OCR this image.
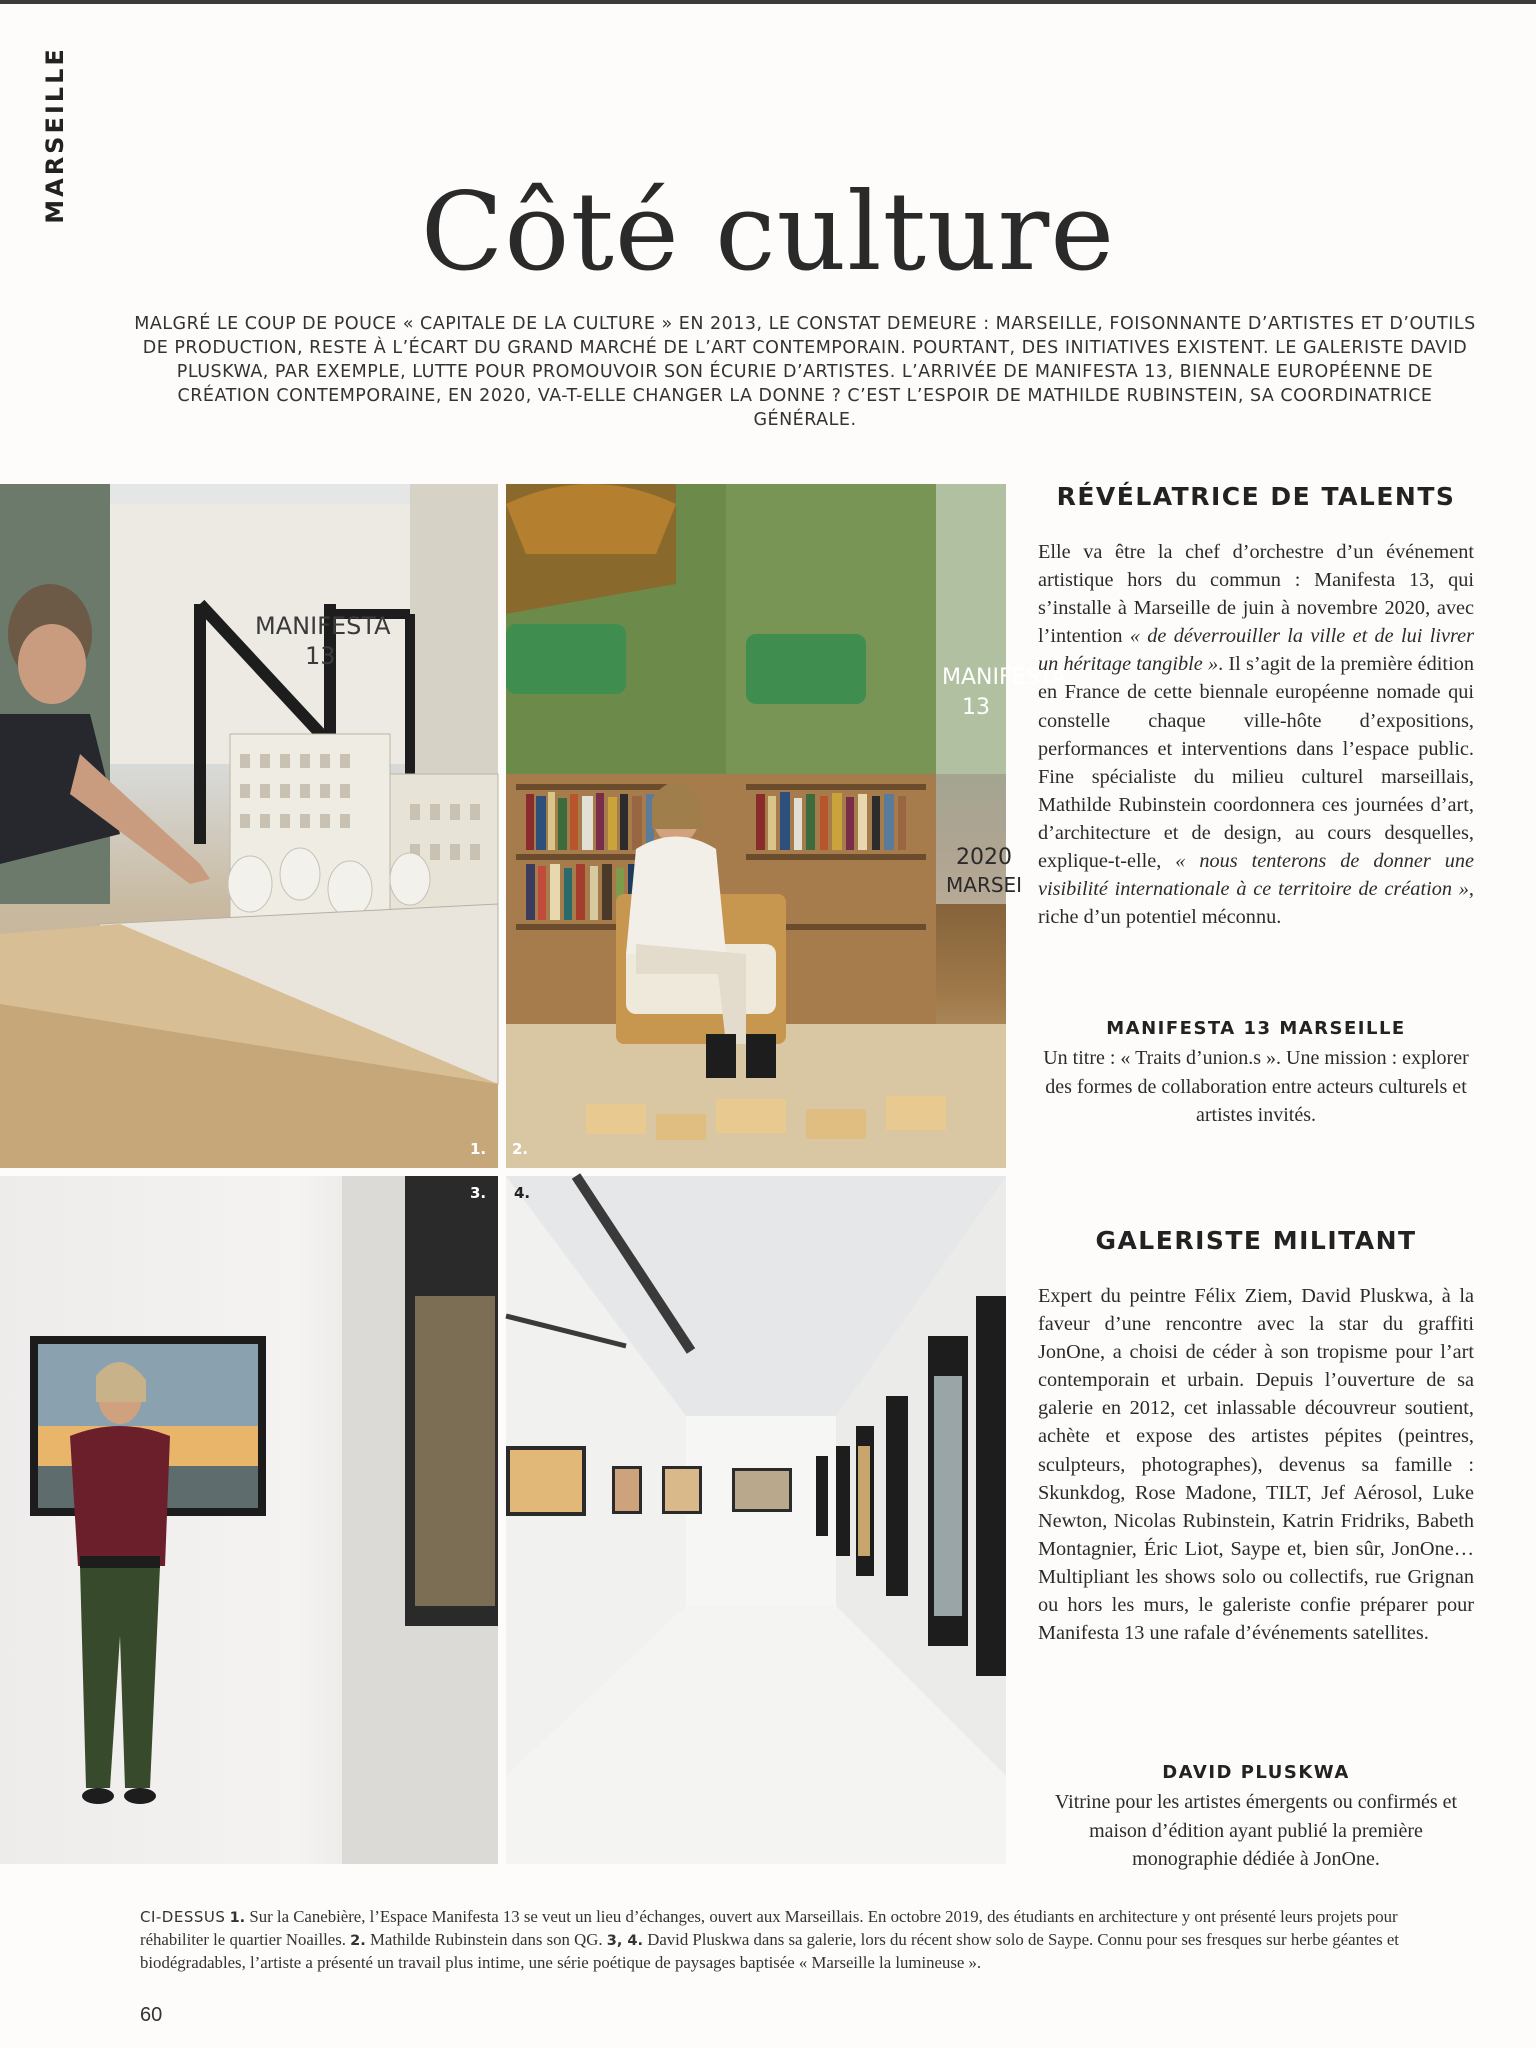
MARSEILLE
Côté culture

MALGRÉ LE COUP DE POUCE « CAPITALE DE LA CULTURE » EN 2013, LE CONSTAT DEMEURE : MARSEILLE, FOISONNANTE D’ARTISTES ET D’OUTILS DE PRODUCTION, RESTE À L’ÉCART DU GRAND MARCHÉ DE L’ART CONTEMPORAIN. POURTANT, DES INITIATIVES EXISTENT. LE GALERISTE DAVID PLUSKWA, PAR EXEMPLE, LUTTE POUR PROMOUVOIR SON ÉCURIE D’ARTISTES. L’ARRIVÉE DE MANIFESTA 13, BIENNALE EUROPÉENNE DE CRÉATION CONTEMPORAINE, EN 2020, VA-T-ELLE CHANGER LA DONNE ? C’EST L’ESPOIR DE MATHILDE RUBINSTEIN, SA COORDINATRICE GÉNÉRALE.

MANIFESTA
13
MANIFESTA
13
2020
MARSEI
1. 2.
3. 4.
RÉVÉLATRICE DE TALENTS

Elle va être la chef d’orchestre d’un événement artistique hors du commun : Manifesta 13, qui s’installe à Marseille de juin à novembre 2020, avec l’intention « de déverrouiller la ville et de lui livrer un héritage tangible ». Il s’agit de la première édition en France de cette biennale européenne nomade qui constelle chaque ville-hôte d’expositions, performances et interventions dans l’espace public. Fine spécialiste du milieu culturel marseillais, Mathilde Rubinstein coordonnera ces journées d’art, d’architecture et de design, au cours desquelles, explique-t-elle, « nous tenterons de donner une visibilité internationale à ce territoire de création », riche d’un potentiel méconnu.

MANIFESTA 13 MARSEILLE

Un titre : « Traits d’union.s ». Une mission : explorer des formes de collaboration entre acteurs culturels et artistes invités.

GALERISTE MILITANT

Expert du peintre Félix Ziem, David Pluskwa, à la faveur d’une rencontre avec la star du graffiti JonOne, a choisi de céder à son tropisme pour l’art contemporain et urbain. Depuis l’ouverture de sa galerie en 2012, cet inlassable découvreur soutient, achète et expose des artistes pépites (peintres, sculpteurs, photographes), devenus sa famille : Skunkdog, Rose Madone, TILT, Jef Aérosol, Luke Newton, Nicolas Rubinstein, Katrin Fridriks, Babeth Montagnier, Éric Liot, Saype et, bien sûr, JonOne… Multipliant les shows solo ou collectifs, rue Grignan ou hors les murs, le galeriste confie préparer pour Manifesta 13 une rafale d’événements satellites.

DAVID PLUSKWA

Vitrine pour les artistes émergents ou confirmés et maison d’édition ayant publié la première monographie dédiée à JonOne.

CI-DESSUS 1. Sur la Canebière, l’Espace Manifesta 13 se veut un lieu d’échanges, ouvert aux Marseillais. En octobre 2019, des étudiants en architecture y ont présenté leurs projets pour réhabiliter le quartier Noailles. 2. Mathilde Rubinstein dans son QG. 3, 4. David Pluskwa dans sa galerie, lors du récent show solo de Saype. Connu pour ses fresques sur herbe géantes et biodégradables, l’artiste a présenté un travail plus intime, une série poétique de paysages baptisée « Marseille la lumineuse ».

60
